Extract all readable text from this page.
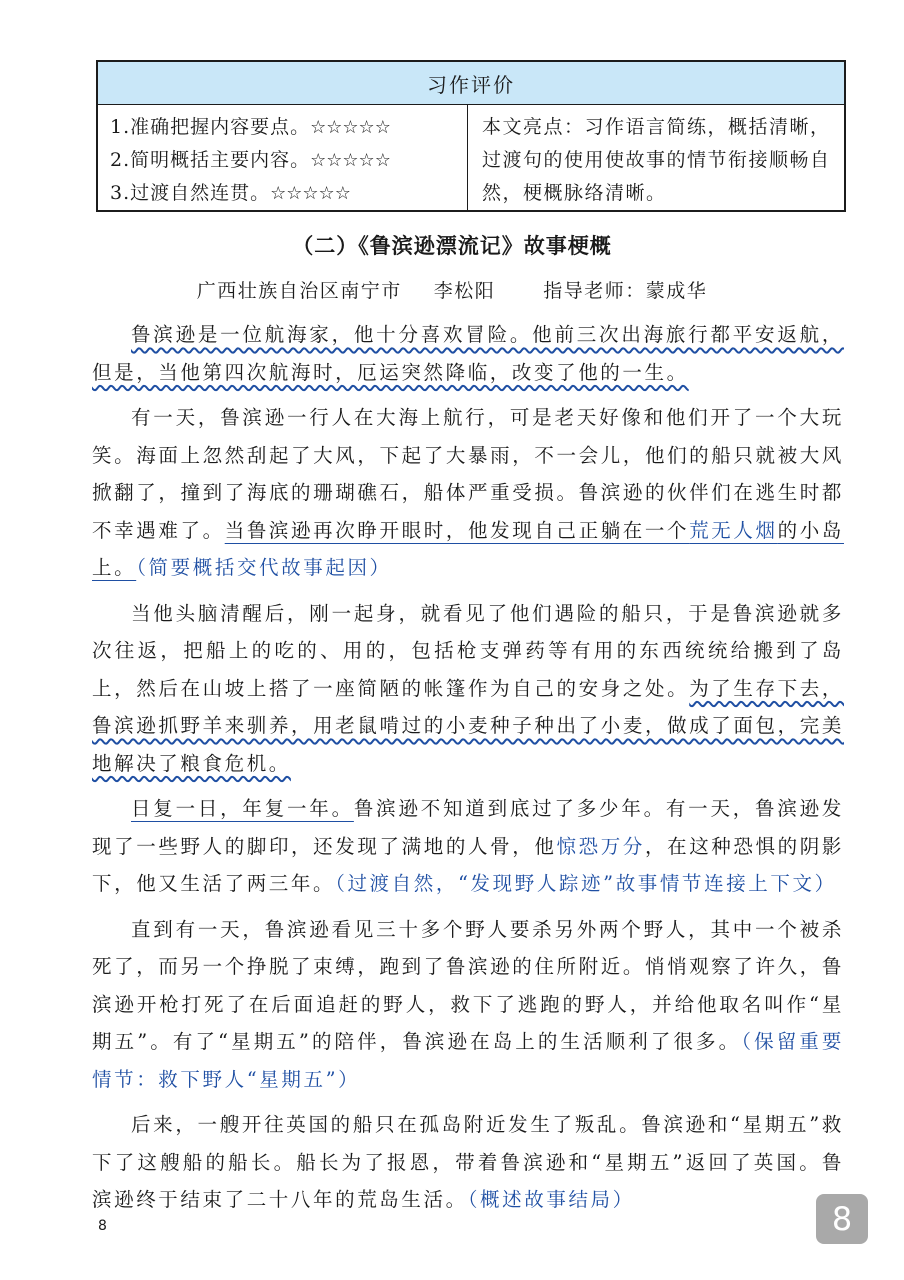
习作评价
1.准确把握内容要点。☆☆☆☆☆
2.简明概括主要内容。☆☆☆☆☆
3.过渡自然连贯。☆☆☆☆☆
本文亮点：习作语言简练，概括清晰，过渡句的使用使故事的情节衔接顺畅自然，梗概脉络清晰。
（二）《鲁滨逊漂流记》故事梗概
广西壮族自治区南宁市 李松阳	指导老师：蒙成华

鲁滨逊是一位航海家，他十分喜欢冒险。他前三次出海旅行都平安返航，但是，当他第四次航海时，厄运突然降临，改变了他的一生。

有一天，鲁滨逊一行人在大海上航行，可是老天好像和他们开了一个大玩笑。海面上忽然刮起了大风，下起了大暴雨，不一会儿，他们的船只就被大风掀翻了，撞到了海底的珊瑚礁石，船体严重受损。鲁滨逊的伙伴们在逃生时都不幸遇难了。当鲁滨逊再次睁开眼时，他发现自己正躺在一个荒无人烟的小岛上。（简要概括交代故事起因）

当他头脑清醒后，刚一起身，就看见了他们遇险的船只，于是鲁滨逊就多次往返，把船上的吃的、用的，包括枪支弹药等有用的东西统统给搬到了岛上，然后在山坡上搭了一座简陋的帐篷作为自己的安身之处。为了生存下去，鲁滨逊抓野羊来驯养，用老鼠啃过的小麦种子种出了小麦，做成了面包，完美地解决了粮食危机。

日复一日，年复一年。鲁滨逊不知道到底过了多少年。有一天，鲁滨逊发现了一些野人的脚印，还发现了满地的人骨，他惊恐万分，在这种恐惧的阴影下，他又生活了两三年。（过渡自然，“发现野人踪迹”故事情节连接上下文）

直到有一天，鲁滨逊看见三十多个野人要杀另外两个野人，其中一个被杀死了，而另一个挣脱了束缚，跑到了鲁滨逊的住所附近。悄悄观察了许久，鲁滨逊开枪打死了在后面追赶的野人，救下了逃跑的野人，并给他取名叫作“星期五”。有了“星期五”的陪伴，鲁滨逊在岛上的生活顺利了很多。（保留重要情节：救下野人“星期五”）

后来，一艘开往英国的船只在孤岛附近发生了叛乱。鲁滨逊和“星期五”救下了这艘船的船长。船长为了报恩，带着鲁滨逊和“星期五”返回了英国。鲁滨逊终于结束了二十八年的荒岛生活。（概述故事结局）

8	8
